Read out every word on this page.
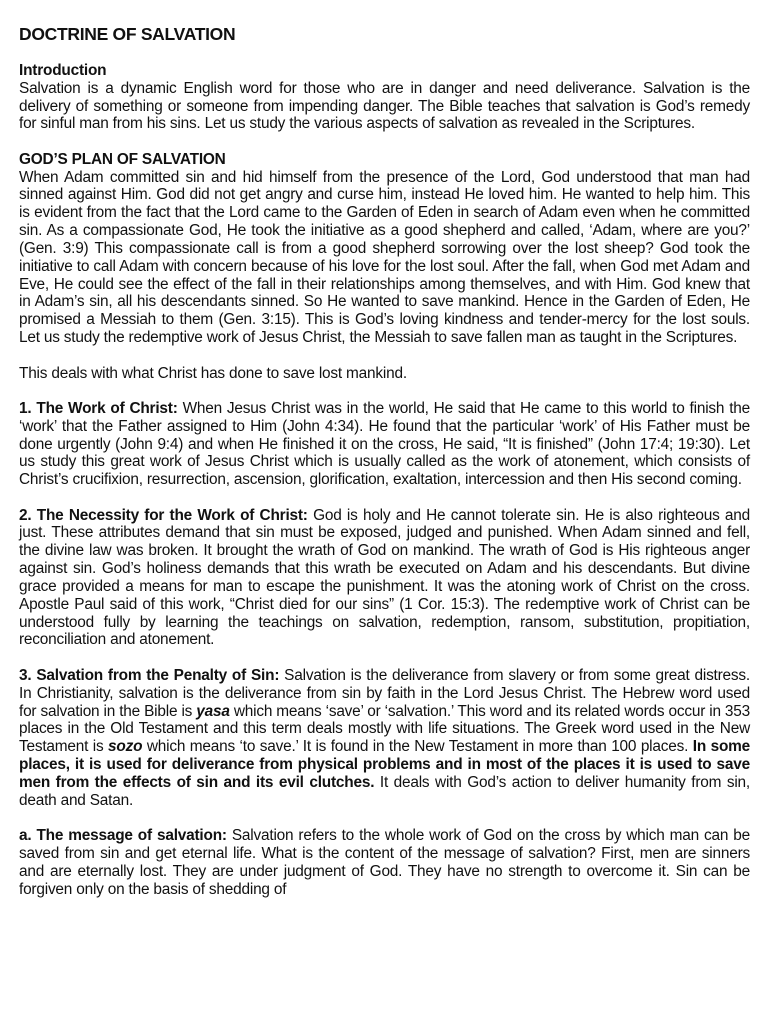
DOCTRINE OF SALVATION
Introduction

Salvation is a dynamic English word for those who are in danger and need deliverance. Salvation is the delivery of something or someone from impending danger. The Bible teaches that salvation is God’s remedy for sinful man from his sins. Let us study the various aspects of salvation as revealed in the Scriptures.

GOD’S PLAN OF SALVATION

When Adam committed sin and hid himself from the presence of the Lord, God understood that man had sinned against Him. God did not get angry and curse him, instead He loved him. He wanted to help him. This is evident from the fact that the Lord came to the Garden of Eden in search of Adam even when he committed sin. As a compassionate God, He took the initiative as a good shepherd and called, ‘Adam, where are you?’ (Gen. 3:9) This compassionate call is from a good shepherd sorrowing over the lost sheep? God took the initiative to call Adam with concern because of his love for the lost soul. After the fall, when God met Adam and Eve, He could see the effect of the fall in their relationships among themselves, and with Him. God knew that in Adam’s sin, all his descendants sinned. So He wanted to save mankind. Hence in the Garden of Eden, He promised a Messiah to them (Gen. 3:15). This is God’s loving kindness and tender-mercy for the lost souls. Let us study the redemptive work of Jesus Christ, the Messiah to save fallen man as taught in the Scriptures.

This deals with what Christ has done to save lost mankind.

1. The Work of Christ: When Jesus Christ was in the world, He said that He came to this world to finish the ‘work’ that the Father assigned to Him (John 4:34). He found that the particular ‘work’ of His Father must be done urgently (John 9:4) and when He finished it on the cross, He said, “It is finished” (John 17:4; 19:30). Let us study this great work of Jesus Christ which is usually called as the work of atonement, which consists of Christ’s crucifixion, resurrection, ascension, glorification, exaltation, intercession and then His second coming.

2. The Necessity for the Work of Christ: God is holy and He cannot tolerate sin. He is also righteous and just. These attributes demand that sin must be exposed, judged and punished. When Adam sinned and fell, the divine law was broken. It brought the wrath of God on mankind. The wrath of God is His righteous anger against sin. God’s holiness demands that this wrath be executed on Adam and his descendants. But divine grace provided a means for man to escape the punishment. It was the atoning work of Christ on the cross. Apostle Paul said of this work, “Christ died for our sins” (1 Cor. 15:3). The redemptive work of Christ can be understood fully by learning the teachings on salvation, redemption, ransom, substitution, propitiation, reconciliation and atonement.

3. Salvation from the Penalty of Sin: Salvation is the deliverance from slavery or from some great distress. In Christianity, salvation is the deliverance from sin by faith in the Lord Jesus Christ. The Hebrew word used for salvation in the Bible is yasa which means ‘save’ or ‘salvation.’ This word and its related words occur in 353 places in the Old Testament and this term deals mostly with life situations. The Greek word used in the New Testament is sozo which means ‘to save.’ It is found in the New Testament in more than 100 places. In some places, it is used for deliverance from physical problems and in most of the places it is used to save men from the effects of sin and its evil clutches. It deals with God’s action to deliver humanity from sin, death and Satan.

a. The message of salvation: Salvation refers to the whole work of God on the cross by which man can be saved from sin and get eternal life. What is the content of the message of salvation? First, men are sinners and are eternally lost. They are under judgment of God. They have no strength to overcome it. Sin can be forgiven only on the basis of shedding of
